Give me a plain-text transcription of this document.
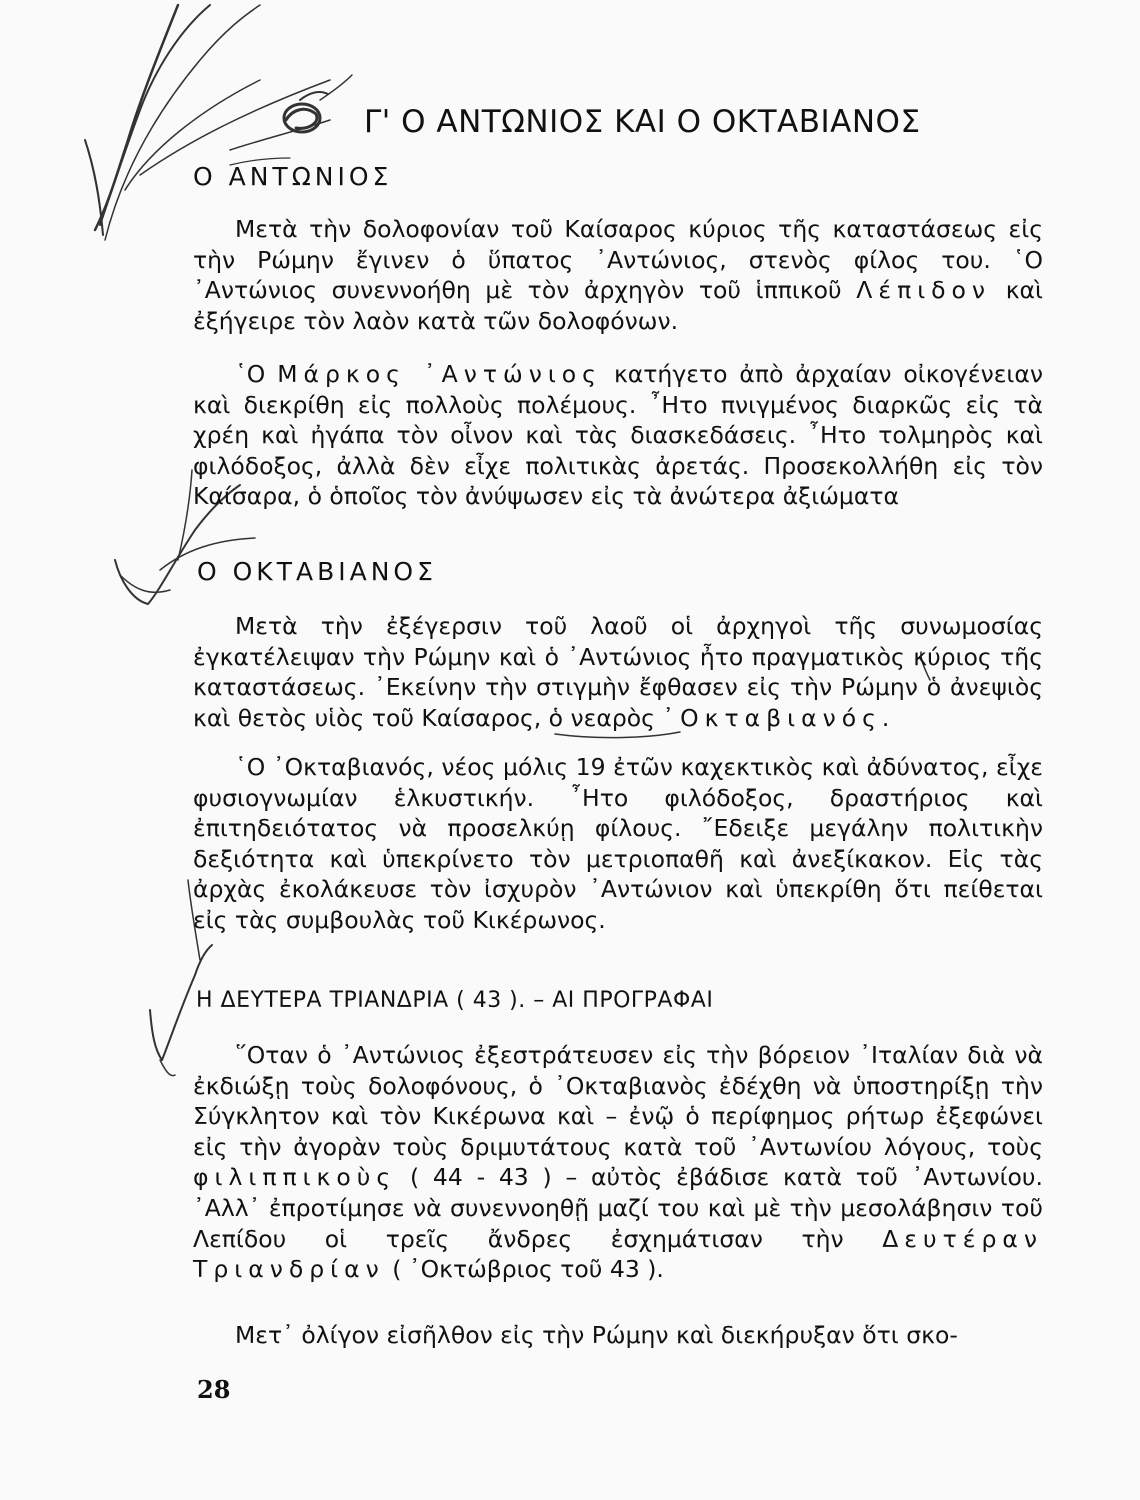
Γ' Ο ΑΝΤΩΝΙΟΣ ΚΑΙ Ο ΟΚΤΑΒΙΑΝΟΣ
Ο ΑΝΤΩΝΙΟΣ

Μετὰ τὴν δολοφονίαν τοῦ Καίσαρος κύριος τῆς καταστάσεως εἰς τὴν Ρώμην ἔγινεν ὁ ὕπατος ᾿Αντώνιος, στενὸς φίλος του. ῾Ο ᾿Αντώνιος συνεννοήθη μὲ τὸν ἀρχηγὸν τοῦ ἱππικοῦ Λέπιδον καὶ ἐξήγειρε τὸν λαὸν κατὰ τῶν δολοφόνων.

῾Ο Μάρκος ᾿Αντώνιος κατήγετο ἀπὸ ἀρχαίαν οἰκογένειαν καὶ διεκρίθη εἰς πολλοὺς πολέμους. ῏Ητο πνιγμένος διαρκῶς εἰς τὰ χρέη καὶ ἠγάπα τὸν οἶνον καὶ τὰς διασκεδάσεις. ῏Ητο τολμηρὸς καὶ φιλόδοξος, ἀλλὰ δὲν εἶχε πολιτικὰς ἀρετάς. Προσεκολλήθη εἰς τὸν Καίσαρα, ὁ ὁποῖος τὸν ἀνύψωσεν εἰς τὰ ἀνώτερα ἀξιώματα

Ο ΟΚΤΑΒΙΑΝΟΣ

Μετὰ τὴν ἐξέγερσιν τοῦ λαοῦ οἱ ἀρχηγοὶ τῆς συνωμοσίας ἐγκατέλειψαν τὴν Ρώμην καὶ ὁ ᾿Αντώνιος ἦτο πραγματικὸς κύριος τῆς καταστάσεως. ᾿Εκείνην τὴν στιγμὴν ἔφθασεν εἰς τὴν Ρώμην ὁ ἀνεψιὸς καὶ θετὸς υἱὸς τοῦ Καίσαρος, ὁ νεαρὸς ᾿Οκταβιανός.

῾Ο ᾿Οκταβιανός, νέος μόλις 19 ἐτῶν καχεκτικὸς καὶ ἀδύνατος, εἶχε φυσιογνωμίαν ἑλκυστικήν. ῏Ητο φιλόδοξος, δραστήριος καὶ ἐπιτηδειότατος νὰ προσελκύῃ φίλους. ῎Εδειξε μεγάλην πολιτικὴν δεξιότητα καὶ ὑπεκρίνετο τὸν μετριοπαθῆ καὶ ἀνεξίκακον. Εἰς τὰς ἀρχὰς ἐκολάκευσε τὸν ἰσχυρὸν ᾿Αντώνιον καὶ ὑπεκρίθη ὅτι πείθεται εἰς τὰς συμβουλὰς τοῦ Κικέρωνος.

Η ΔΕΥΤΕΡΑ ΤΡΙΑΝΔΡΙΑ ( 43 ). – ΑΙ ΠΡΟΓΡΑΦΑΙ

῞Οταν ὁ ᾿Αντώνιος ἐξεστράτευσεν εἰς τὴν βόρειον ᾿Ιταλίαν διὰ νὰ ἐκδιώξῃ τοὺς δολοφόνους, ὁ ᾿Οκταβιανὸς ἐδέχθη νὰ ὑποστηρίξῃ τὴν Σύγκλητον καὶ τὸν Κικέρωνα καὶ – ἐνῷ ὁ περίφημος ρήτωρ ἐξεφώνει εἰς τὴν ἀγορὰν τοὺς δριμυτάτους κατὰ τοῦ ᾿Αντωνίου λόγους, τοὺς φιλιππικοὺς ( 44 - 43 ) – αὐτὸς ἐβάδισε κατὰ τοῦ ᾿Αντωνίου. ᾿Αλλ᾿ ἐπροτίμησε νὰ συνεννοηθῇ μαζί του καὶ μὲ τὴν μεσολάβησιν τοῦ Λεπίδου οἱ τρεῖς ἄνδρες ἐσχημάτισαν τὴν Δευτέραν Τριανδρίαν ( ᾿Οκτώβριος τοῦ 43 ).

Μετ᾿ ὀλίγον εἰσῆλθον εἰς τὴν Ρώμην καὶ διεκήρυξαν ὅτι σκο-

28
